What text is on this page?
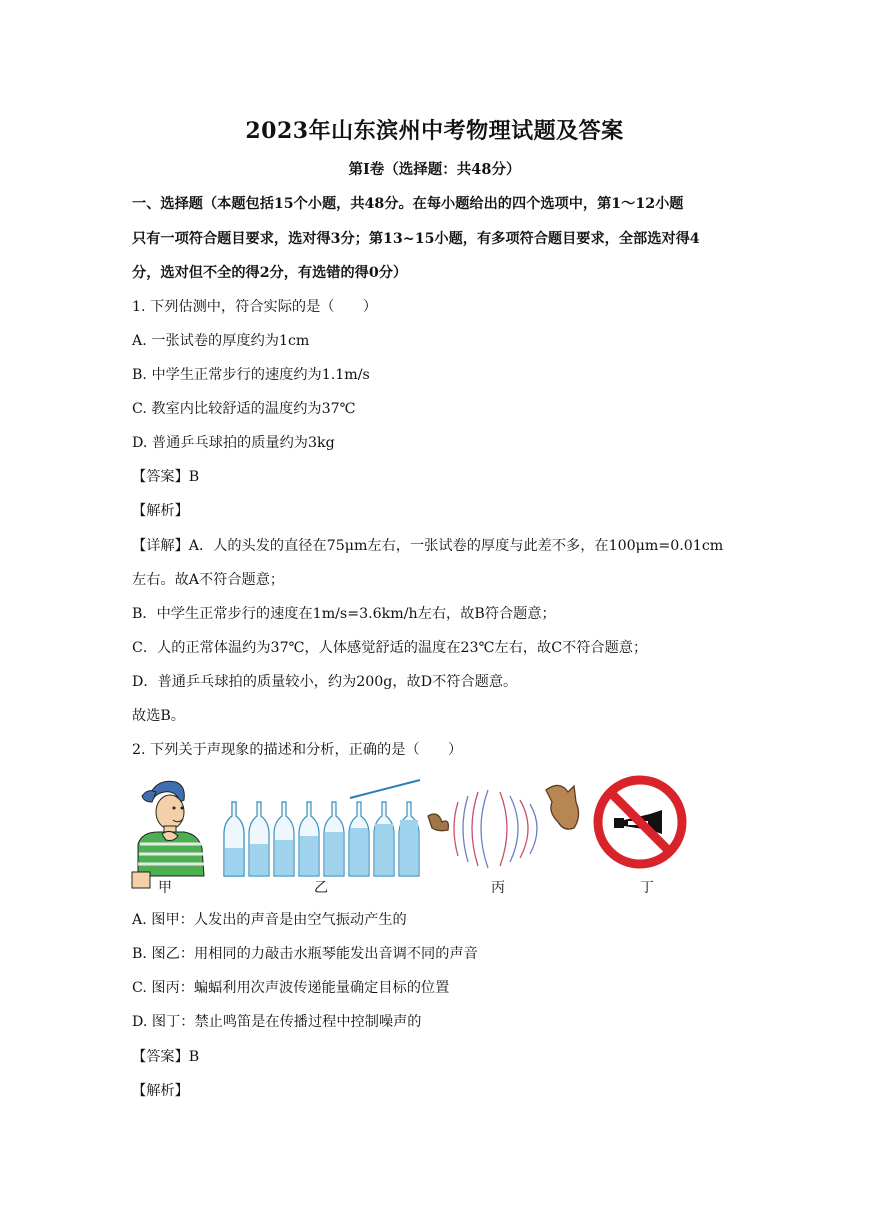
2023年山东滨州中考物理试题及答案
第Ⅰ卷（选择题：共48分）
一、选择题（本题包括15个小题，共48分。在每小题给出的四个选项中，第1～12小题
只有一项符合题目要求，选对得3分；第13~15小题，有多项符合题目要求，全部选对得4
分，选对但不全的得2分，有选错的得0分）
1. 下列估测中，符合实际的是（　　）
A. 一张试卷的厚度约为1cm
B. 中学生正常步行的速度约为1.1m/s
C. 教室内比较舒适的温度约为37℃
D. 普通乒乓球拍的质量约为3kg
【答案】B
【解析】
【详解】A．人的头发的直径在75μm左右，一张试卷的厚度与此差不多，在100μm=0.01cm
左右。故A不符合题意；
B．中学生正常步行的速度在1m/s=3.6km/h左右，故B符合题意；
C．人的正常体温约为37℃，人体感觉舒适的温度在23℃左右，故C不符合题意；
D．普通乒乓球拍的质量较小，约为200g，故D不符合题意。
故选B。
2. 下列关于声现象的描述和分析，正确的是（　　）
甲	乙	丙	丁
A. 图甲：人发出的声音是由空气振动产生的
B. 图乙：用相同的力敲击水瓶琴能发出音调不同的声音
C. 图丙：蝙蝠利用次声波传递能量确定目标的位置
D. 图丁：禁止鸣笛是在传播过程中控制噪声的
【答案】B
【解析】
